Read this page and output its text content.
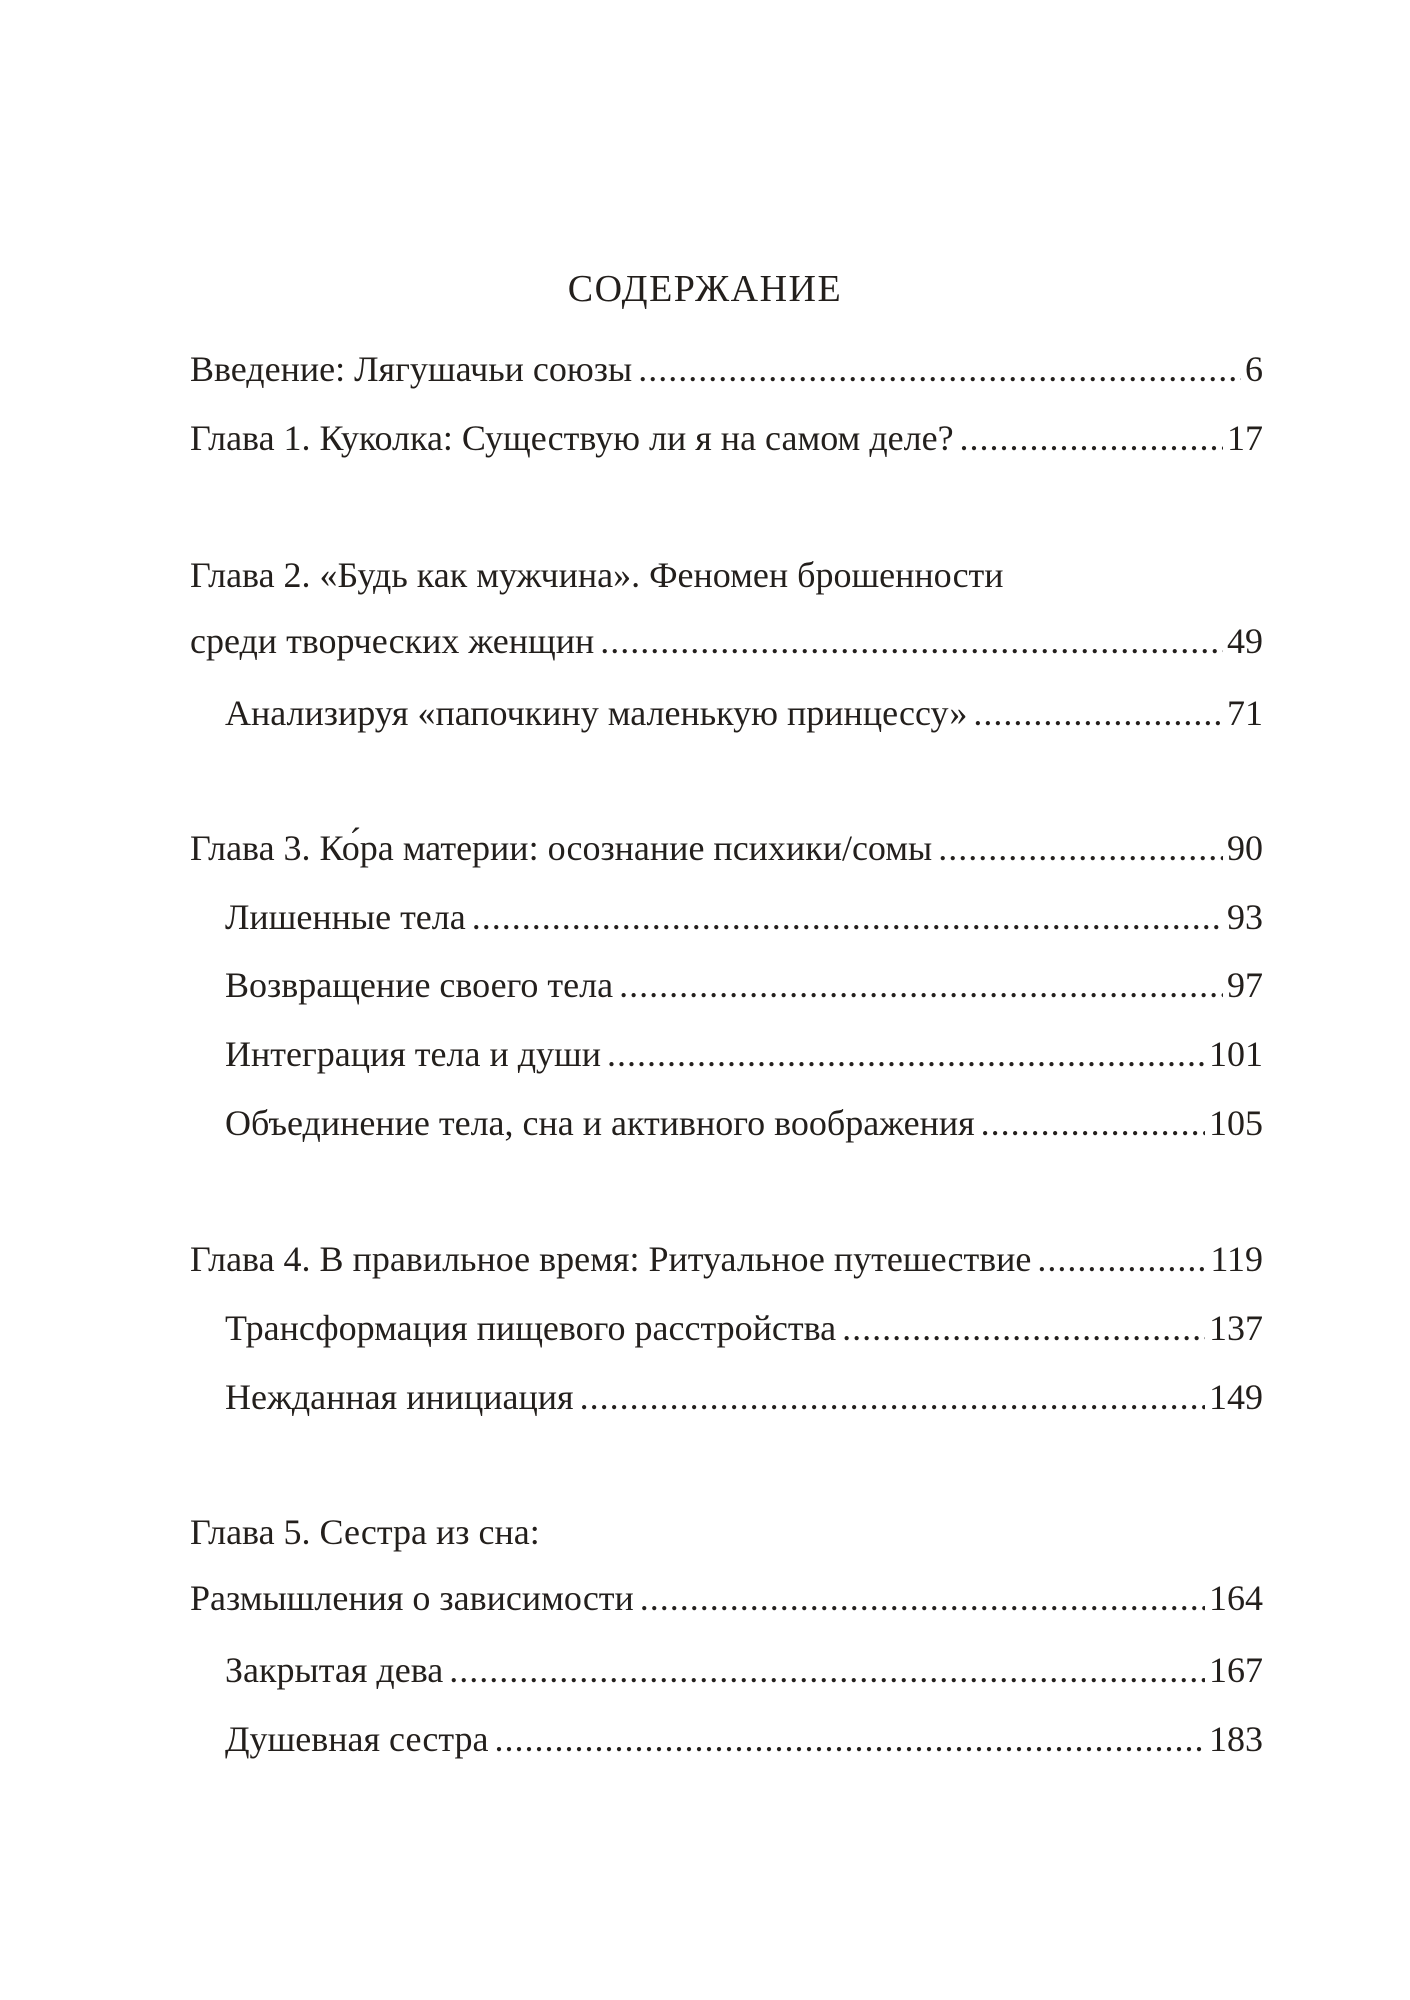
СОДЕРЖАНИЕ
Введение: Лягушачьи союзы .....	6
Глава 1. Куколка: Существую ли я на самом деле? .....	17
Глава 2. «Будь как мужчина». Феномен брошенности
среди творческих женщин .....	49
Анализируя «папочкину маленькую принцессу» .....	71
Глава 3. Ко́ра материи: осознание психики/сомы .....	90
Лишенные тела .....	93
Возвращение своего тела .....	97
Интеграция тела и души .....	101
Объединение тела, сна и активного воображения .....	105
Глава 4. В правильное время: Ритуальное путешествие .....	119
Трансформация пищевого расстройства .....	137
Нежданная инициация .....	149
Глава 5. Сестра из сна:
Размышления о зависимости .....	164
Закрытая дева .....	167
Душевная сестра .....	183
